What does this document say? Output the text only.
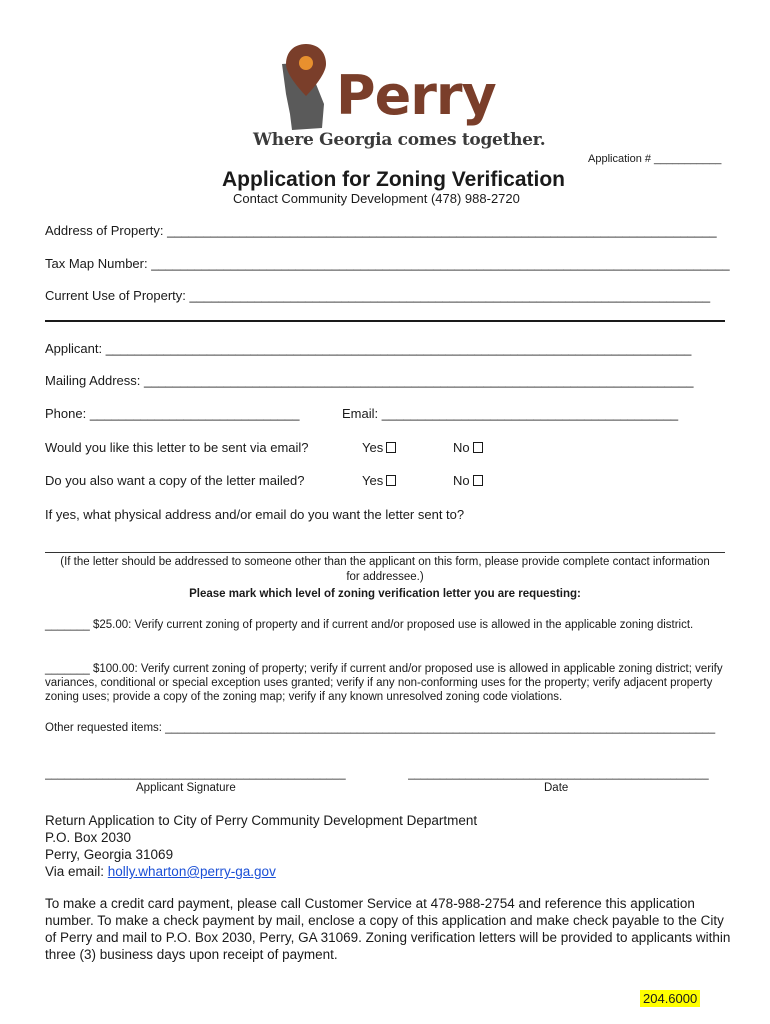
Perry
Where Georgia comes together.
Application # ___________
Application for Zoning Verification
Contact Community Development (478) 988-2720
Address of Property: ____________________________________________________________________________
Tax Map Number: ________________________________________________________________________________
Current Use of Property: ________________________________________________________________________
Applicant: _________________________________________________________________________________
Mailing Address: ____________________________________________________________________________
Phone: _____________________________	Email: _________________________________________
Would you like this letter to be sent via email?	Yes	No
Do you also want a copy of the letter mailed?	Yes	No
If yes, what physical address and/or email do you want the letter sent to?
(If the letter should be addressed to someone other than the applicant on this form, please provide complete contact information for addressee.)
Please mark which level of zoning verification letter you are requesting:
_______ $25.00: Verify current zoning of property and if current and/or proposed use is allowed in the applicable zoning district.
_______ $100.00: Verify current zoning of property; verify if current and/or proposed use is allowed in applicable zoning district; verify variances, conditional or special exception uses granted; verify if any non-conforming uses for the property; verify adjacent property zoning uses; provide a copy of the zoning map; verify if any known unresolved zoning code violations.
Other requested items: ______________________________________________________________________________________
_______________________________________________	_______________________________________________
Applicant Signature	Date
Return Application to City of Perry Community Development Department
P.O. Box 2030
Perry, Georgia 31069
Via email: holly.wharton@perry-ga.gov
To make a credit card payment, please call Customer Service at 478-988-2754 and reference this application number. To make a check payment by mail, enclose a copy of this application and make check payable to the City of Perry and mail to P.O. Box 2030, Perry, GA 31069. Zoning verification letters will be provided to applicants within three (3) business days upon receipt of payment.
204.6000
